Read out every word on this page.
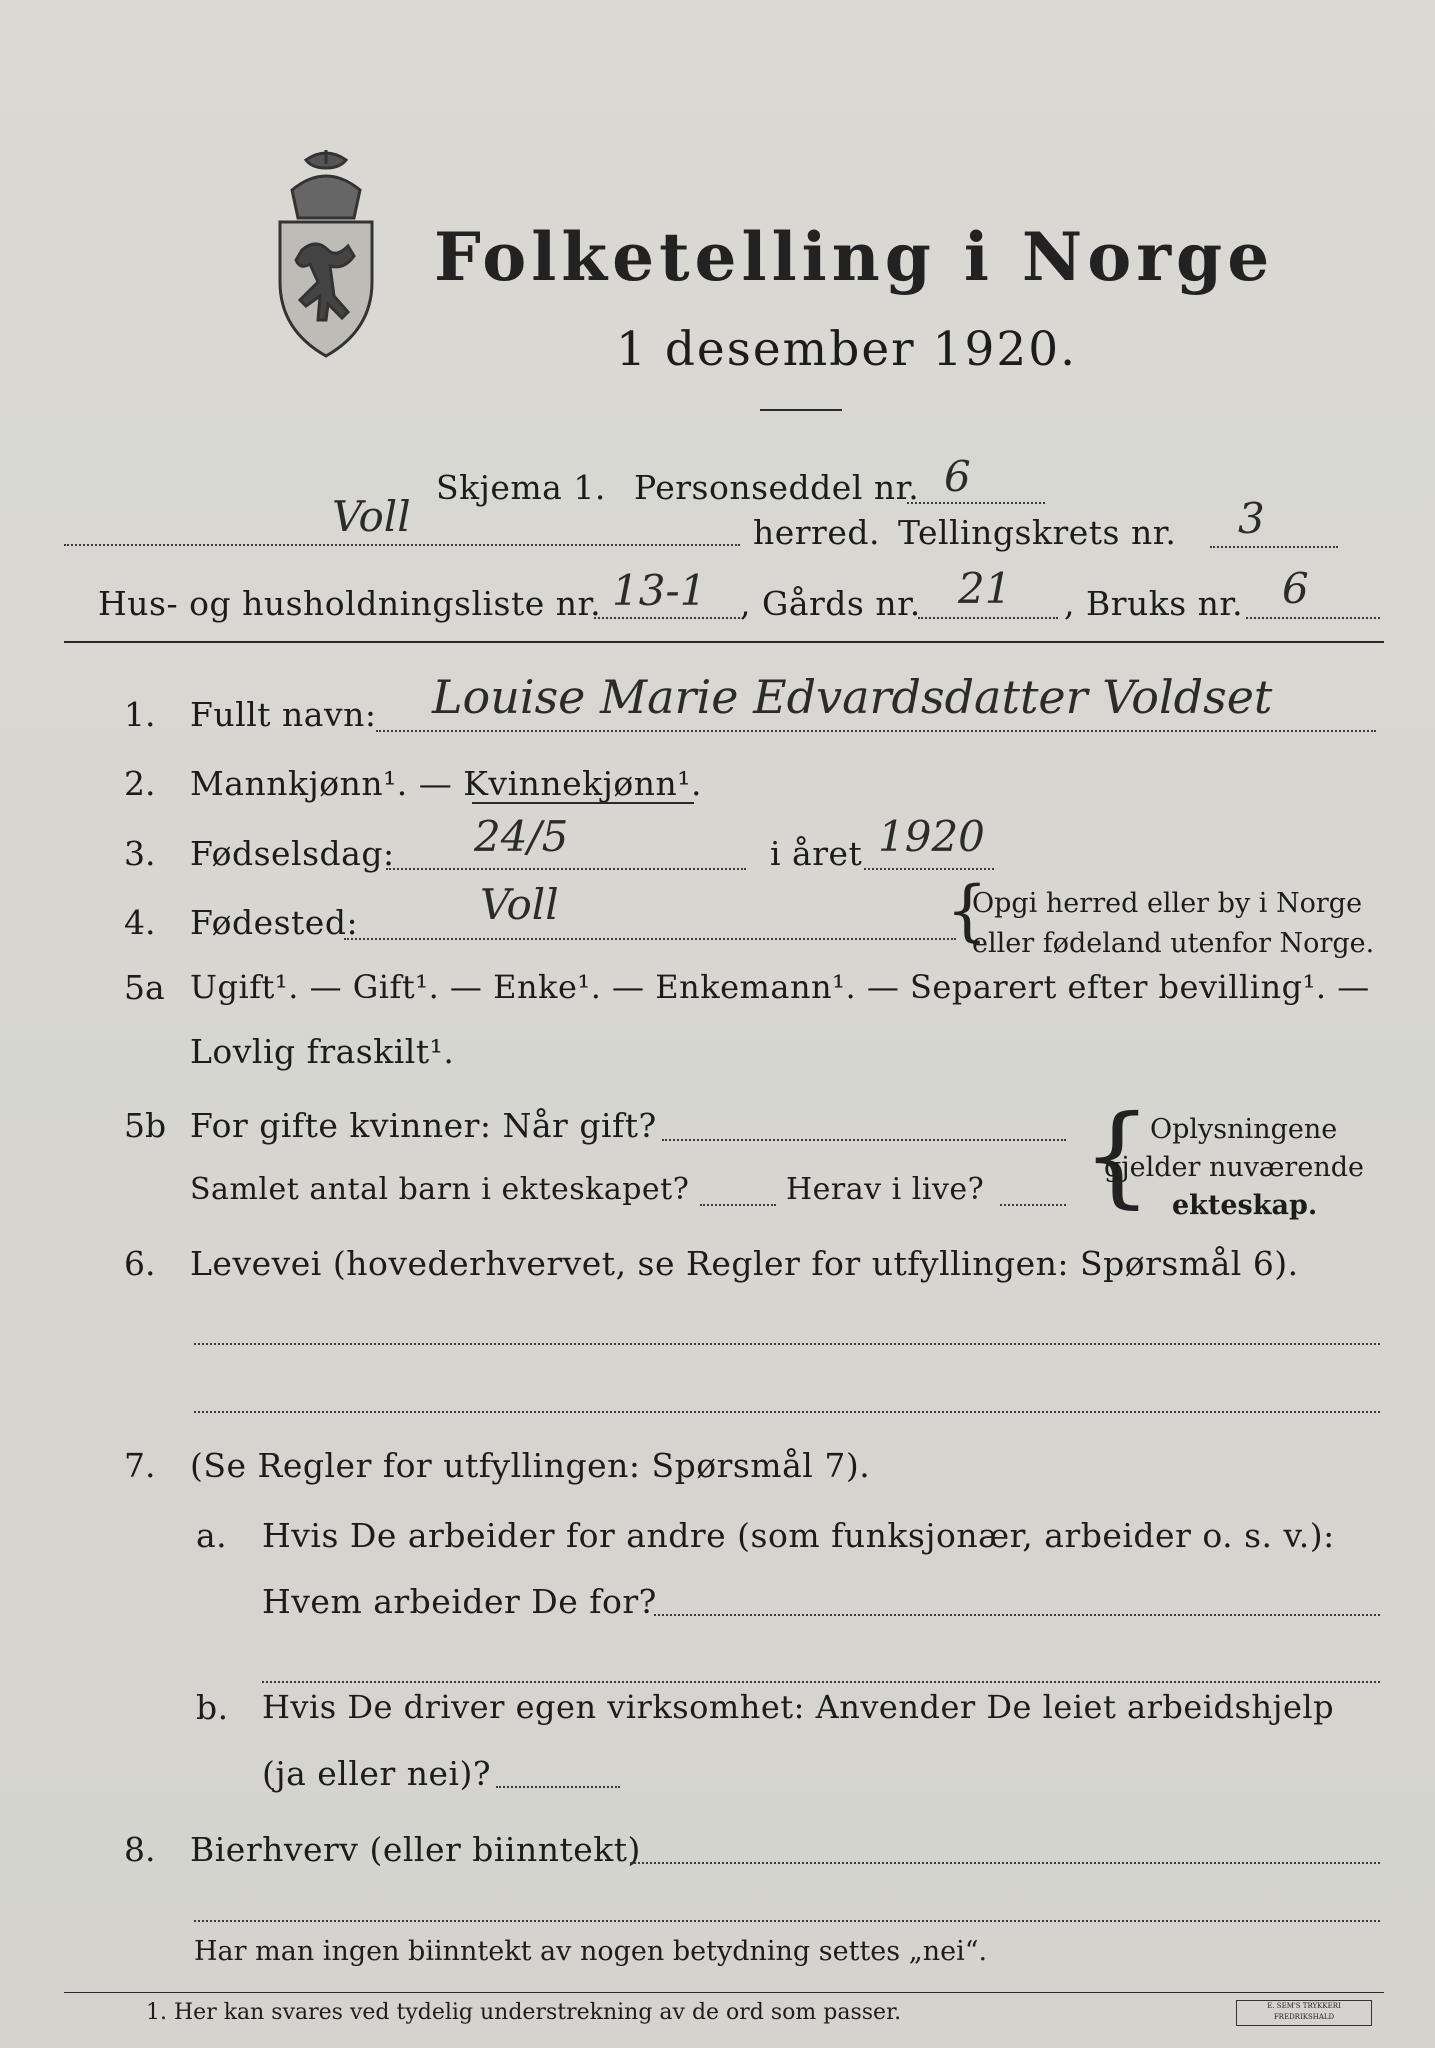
Folketelling i Norge
1 desember 1920.
Skjema 1. Personseddel nr. 6
Voll	herred. Tellingskrets nr. 3
Hus- og husholdningsliste nr. 13-1 , Gårds nr. 21 , Bruks nr. 6
1. Fullt navn: Louise Marie Edvardsdatter Voldset
2. Mannkjønn¹. — Kvinnekjønn¹.
3. Fødselsdag: 24/5	i året 1920
4. Fødested:	Voll	{
Opgi herred eller by i Norge
eller fødeland utenfor Norge.
5a Ugift¹. — Gift¹. — Enke¹. — Enkemann¹. — Separert efter bevilling¹. —
Lovlig fraskilt¹.
5b For gifte kvinner: Når gift?
Samlet antal barn i ekteskapet?	Herav i live? {
Oplysningene
gjelder nuværende
ekteskap.
6. Levevei (hovederhvervet, se Regler for utfyllingen: Spørsmål 6).
7. (Se Regler for utfyllingen: Spørsmål 7).
a. Hvis De arbeider for andre (som funksjonær, arbeider o. s. v.):
Hvem arbeider De for?
b. Hvis De driver egen virksomhet: Anvender De leiet arbeidshjelp
(ja eller nei)?
8. Bierhverv (eller biinntekt)
Har man ingen biinntekt av nogen betydning settes „nei“.
1. Her kan svares ved tydelig understrekning av de ord som passer.	E. SEM'S TRYKKERI FREDRIKSHALD
